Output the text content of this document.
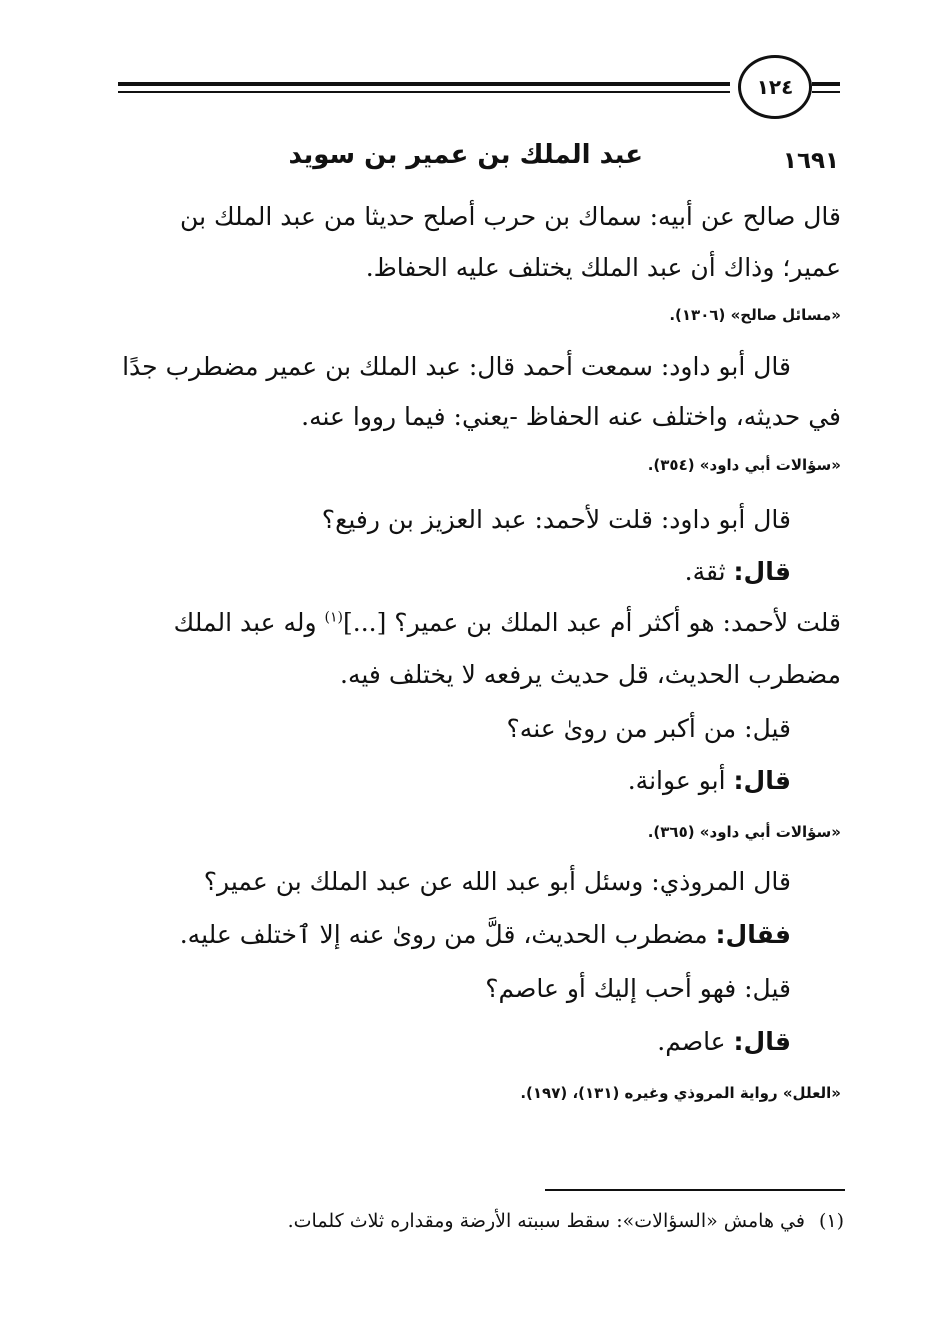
١٢٤
١٦٩١
عبد الملك بن عمير بن سويد
قال صالح عن أبيه: سماك بن حرب أصلح حديثا من عبد الملك بن
عمير؛ وذاك أن عبد الملك يختلف عليه الحفاظ.
«مسائل صالح» (١٣٠٦).
قال أبو داود: سمعت أحمد قال: عبد الملك بن عمير مضطرب جدًا
في حديثه، واختلف عنه الحفاظ -يعني: فيما رووا عنه.
«سؤالات أبي داود» (٣٥٤).
قال أبو داود: قلت لأحمد: عبد العزيز بن رفيع؟
قال: ثقة.
قلت لأحمد: هو أكثر أم عبد الملك بن عمير؟ [...]$^{(١)}$ وله عبد الملك
مضطرب الحديث، قل حديث يرفعه لا يختلف فيه.
قيل: من أكبر من روىٰ عنه؟
قال: أبو عوانة.
«سؤالات أبي داود» (٣٦٥).
قال المروذي: وسئل أبو عبد الله عن عبد الملك بن عمير؟
فقال: مضطرب الحديث، قلَّ من روىٰ عنه إلا ٱختلف عليه.
قيل: فهو أحب إليك أو عاصم؟
قال: عاصم.
«العلل» رواية المروذي وغيره (١٣١)، (١٩٧).
(١)في هامش «السؤالات»: سقط سببته الأرضة ومقداره ثلاث كلمات.
